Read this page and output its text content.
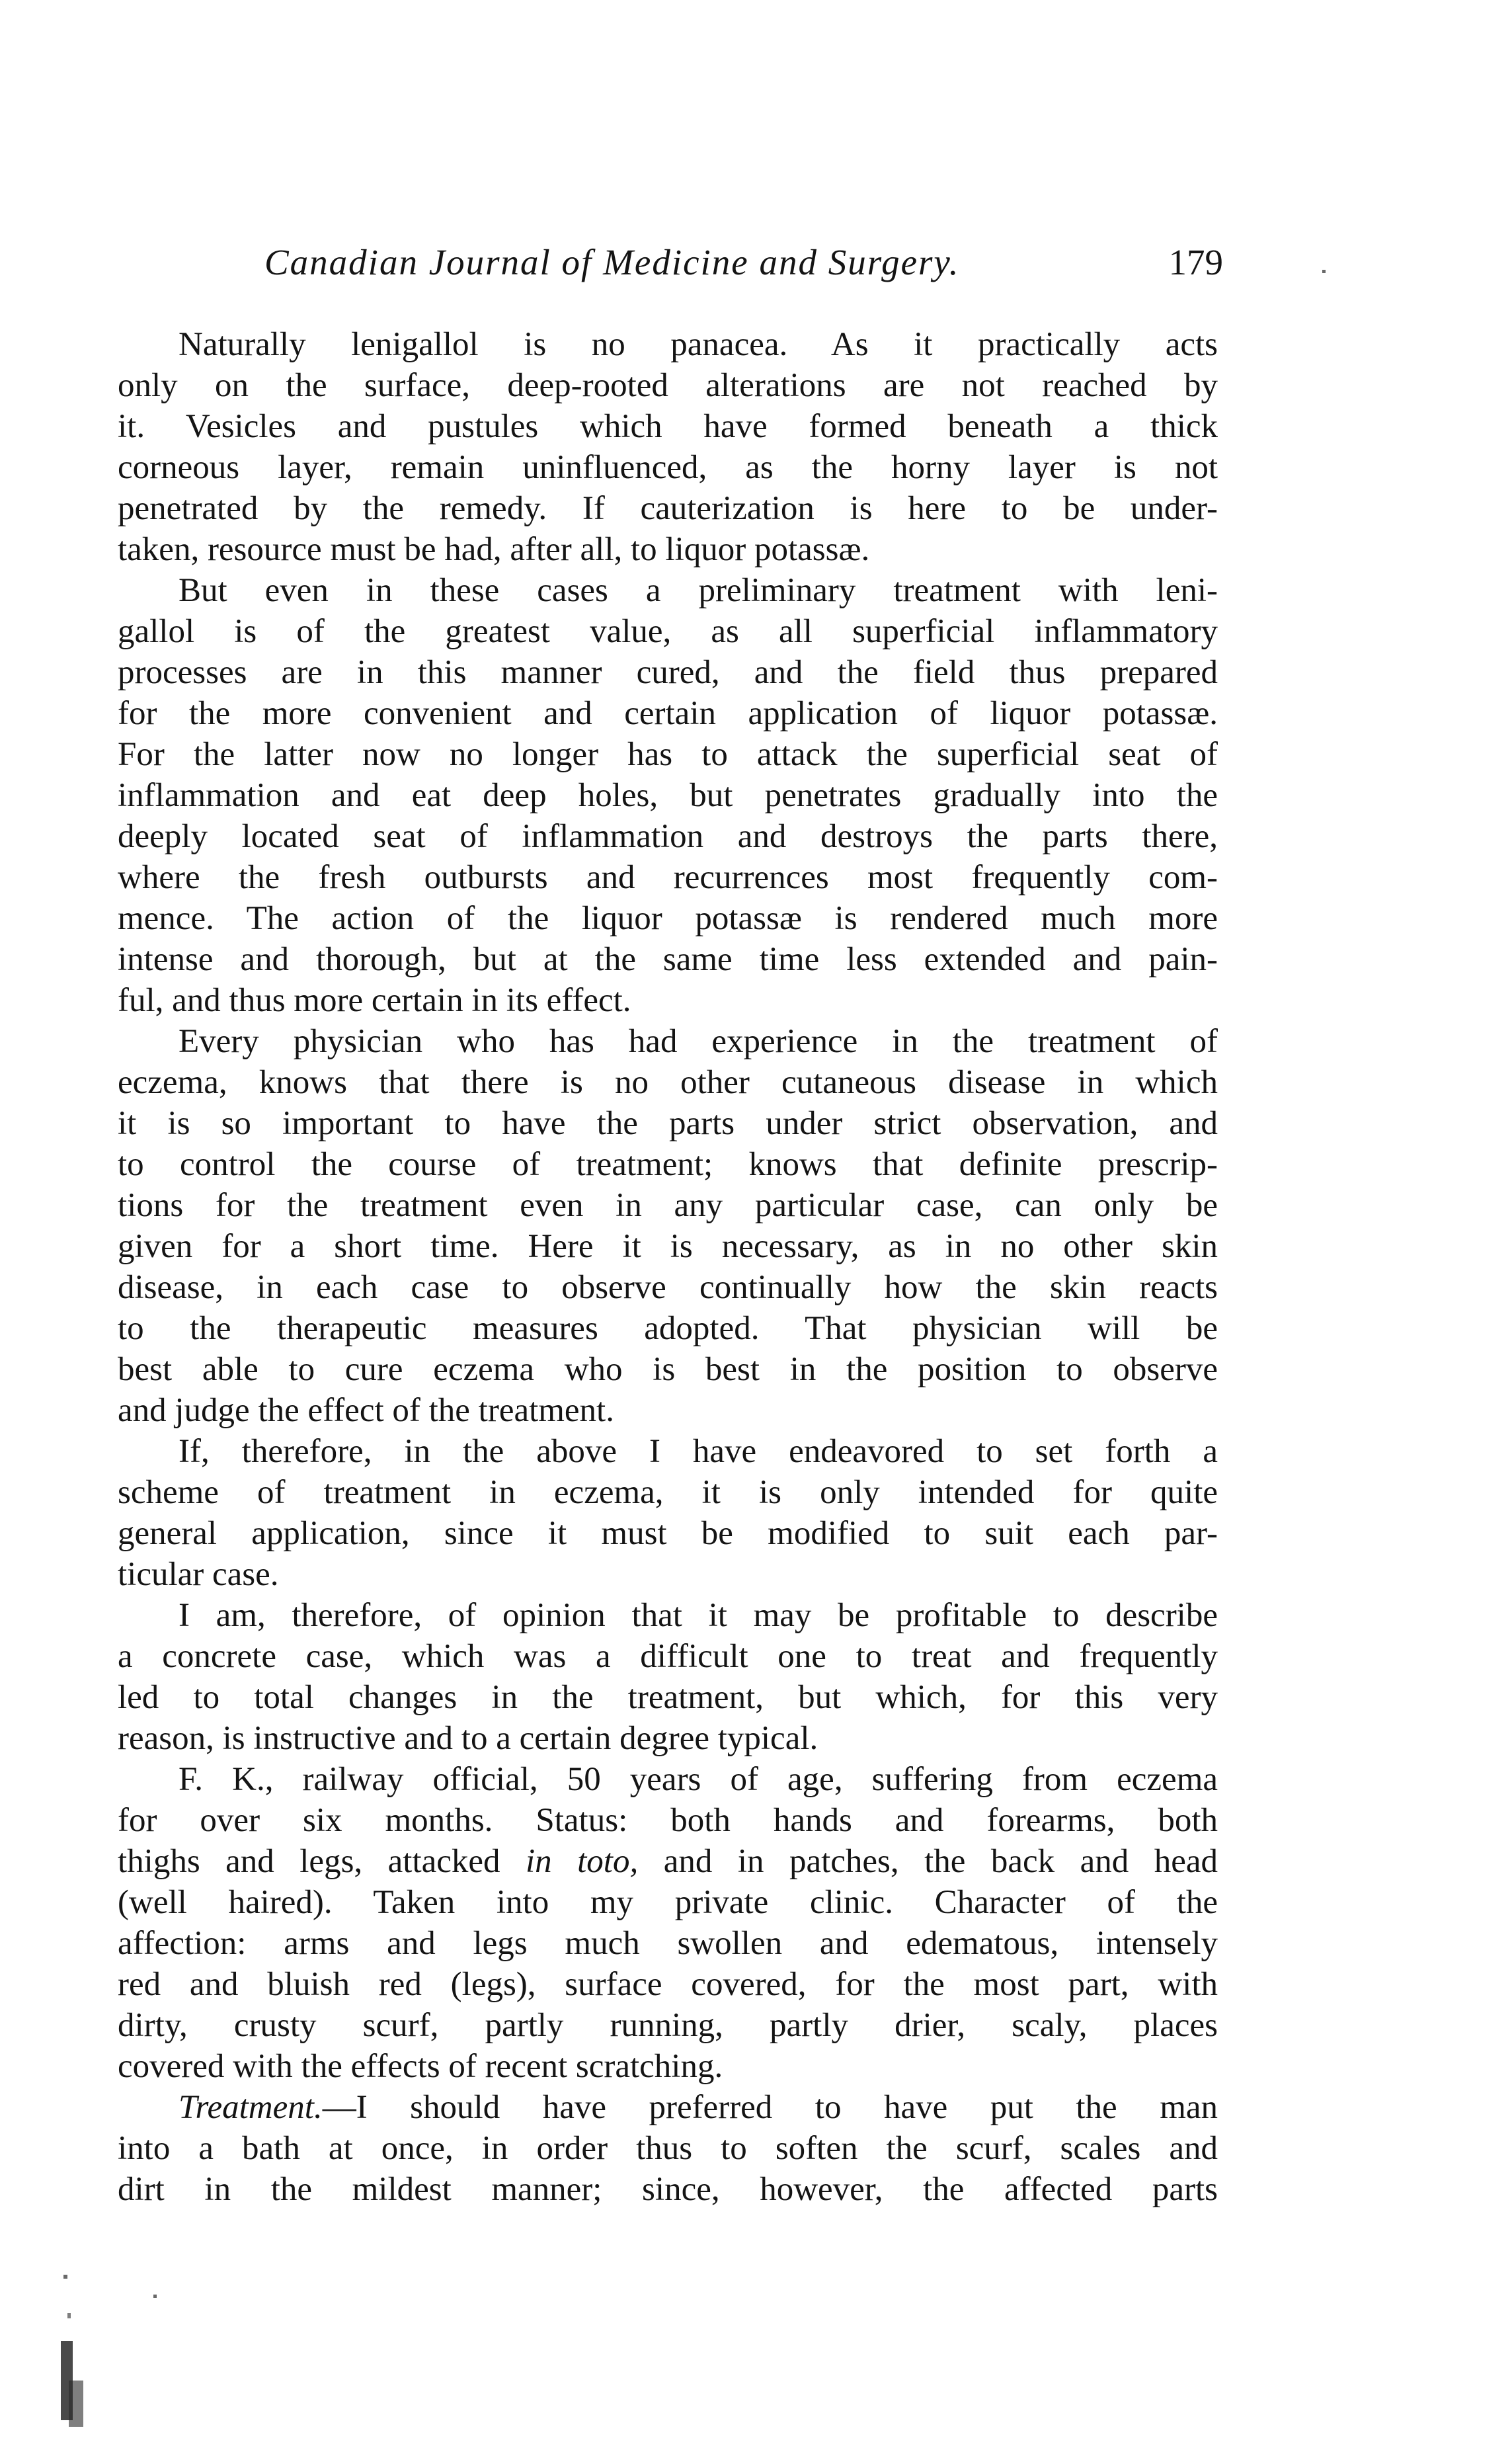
Canadian Journal of Medicine and Surgery.	179

Naturally lenigallol is no panacea. As it practically acts
only on the surface, deep-rooted alterations are not reached by
it. Vesicles and pustules which have formed beneath a thick
corneous layer, remain uninfluenced, as the horny layer is not
penetrated by the remedy. If cauterization is here to be under-
taken, resource must be had, after all, to liquor potassæ.

But even in these cases a preliminary treatment with leni-
gallol is of the greatest value, as all superficial inflammatory
processes are in this manner cured, and the field thus prepared
for the more convenient and certain application of liquor potassæ.
For the latter now no longer has to attack the superficial seat of
inflammation and eat deep holes, but penetrates gradually into the
deeply located seat of inflammation and destroys the parts there,
where the fresh outbursts and recurrences most frequently com-
mence. The action of the liquor potassæ is rendered much more
intense and thorough, but at the same time less extended and pain-
ful, and thus more certain in its effect.

Every physician who has had experience in the treatment of
eczema, knows that there is no other cutaneous disease in which
it is so important to have the parts under strict observation, and
to control the course of treatment; knows that definite prescrip-
tions for the treatment even in any particular case, can only be
given for a short time. Here it is necessary, as in no other skin
disease, in each case to observe continually how the skin reacts
to the therapeutic measures adopted. That physician will be
best able to cure eczema who is best in the position to observe
and judge the effect of the treatment.

If, therefore, in the above I have endeavored to set forth a
scheme of treatment in eczema, it is only intended for quite
general application, since it must be modified to suit each par-
ticular case.

I am, therefore, of opinion that it may be profitable to describe
a concrete case, which was a difficult one to treat and frequently
led to total changes in the treatment, but which, for this very
reason, is instructive and to a certain degree typical.

F. K., railway official, 50 years of age, suffering from eczema
for over six months. Status: both hands and forearms, both
thighs and legs, attacked in toto, and in patches, the back and head
(well haired). Taken into my private clinic. Character of the
affection: arms and legs much swollen and edematous, intensely
red and bluish red (legs), surface covered, for the most part, with
dirty, crusty scurf, partly running, partly drier, scaly, places
covered with the effects of recent scratching.

Treatment.—I should have preferred to have put the man
into a bath at once, in order thus to soften the scurf, scales and
dirt in the mildest manner; since, however, the affected parts
